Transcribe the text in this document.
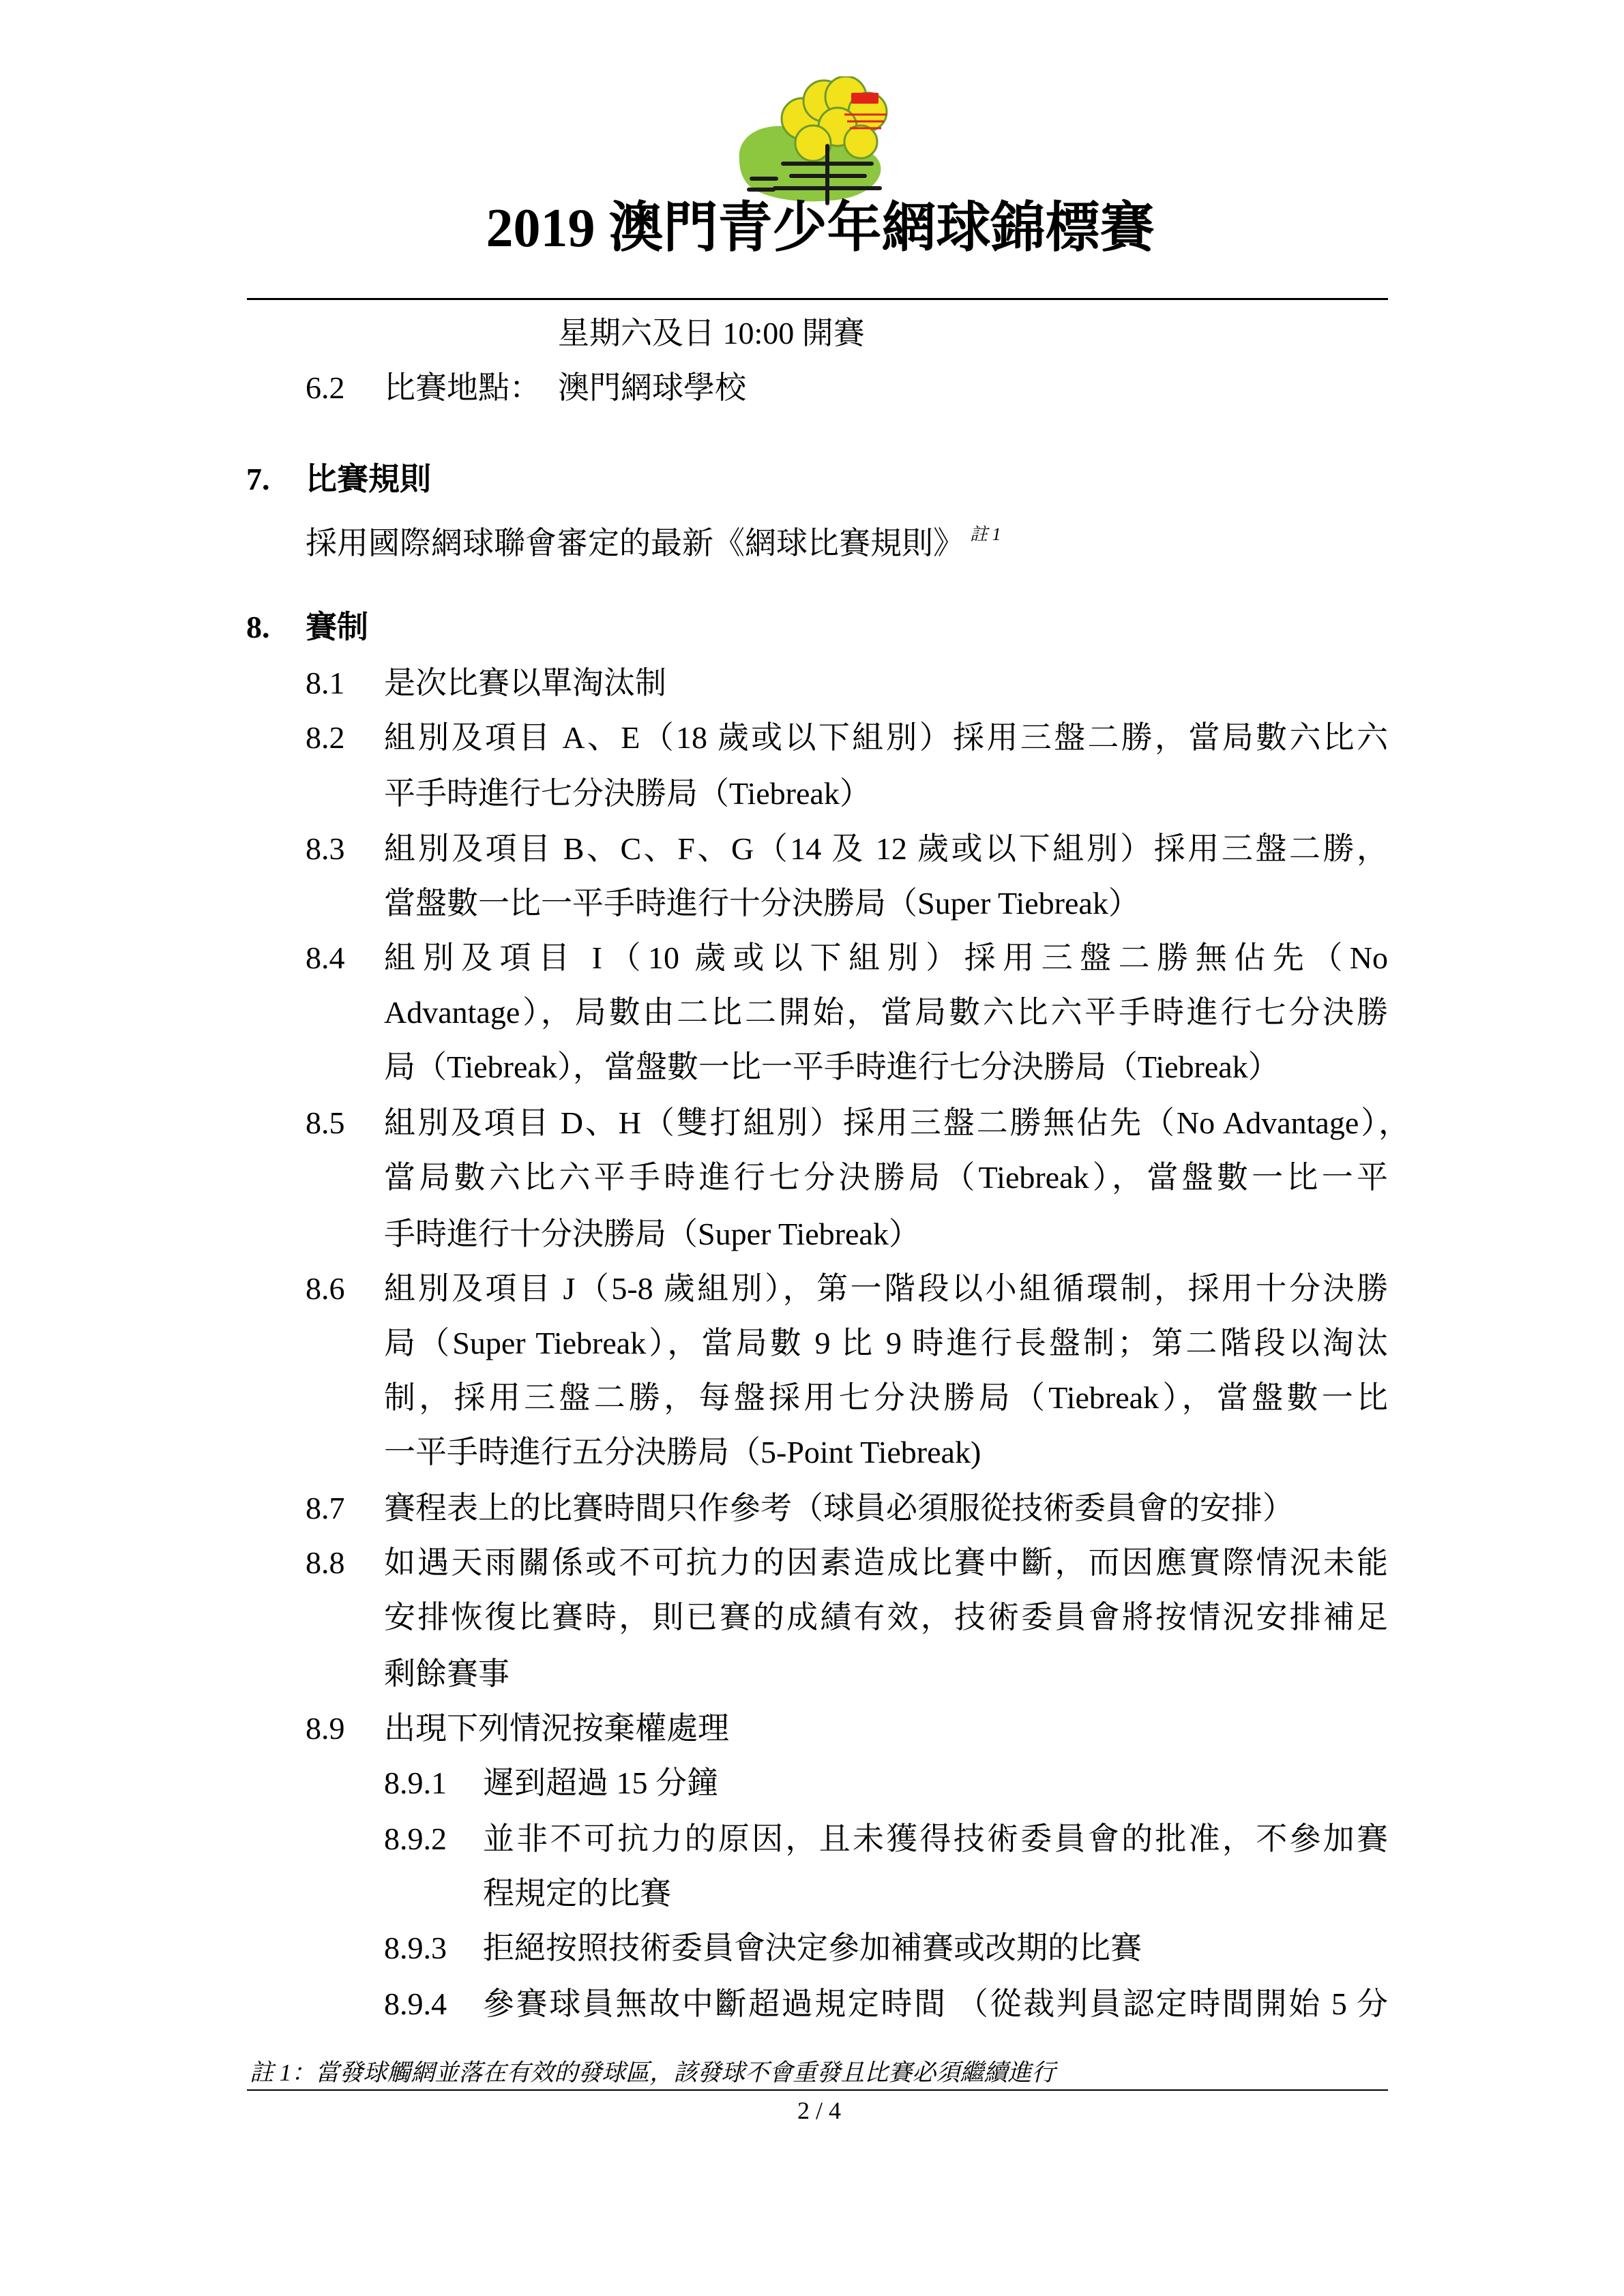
2019 澳門青少年網球錦標賽
星期六及日 10:00 開賽
6.2 比賽地點： 澳門網球學校
7. 比賽規則
採用國際網球聯會審定的最新《網球比賽規則》 $^{註 1}$
8. 賽制
8.1 是次比賽以單淘汰制
8.2 組別及項目 A、E（18 歲或以下組別）採用三盤二勝，當局數六比六
平手時進行七分決勝局（Tiebreak）
8.3 組別及項目 B、C、F、G（14 及 12 歲或以下組別）採用三盤二勝，
當盤數一比一平手時進行十分決勝局（Super Tiebreak）
8.4 組別及項目 I（10 歲或以下組別）採用三盤二勝無佔先（No
Advantage），局數由二比二開始，當局數六比六平手時進行七分決勝
局（Tiebreak），當盤數一比一平手時進行七分決勝局（Tiebreak）
8.5 組別及項目 D、H（雙打組別）採用三盤二勝無佔先（No Advantage），
當局數六比六平手時進行七分決勝局（Tiebreak），當盤數一比一平
手時進行十分決勝局（Super Tiebreak）
8.6 組別及項目 J（5-8 歲組別），第一階段以小組循環制，採用十分決勝
局（Super Tiebreak），當局數 9 比 9 時進行長盤制；第二階段以淘汰
制，採用三盤二勝，每盤採用七分決勝局（Tiebreak），當盤數一比
一平手時進行五分決勝局（5-Point Tiebreak)
8.7 賽程表上的比賽時間只作參考（球員必須服從技術委員會的安排）
8.8 如遇天雨關係或不可抗力的因素造成比賽中斷，而因應實際情況未能
安排恢復比賽時，則已賽的成績有效，技術委員會將按情況安排補足
剩餘賽事
8.9 出現下列情況按棄權處理
8.9.1 遲到超過 15 分鐘
8.9.2 並非不可抗力的原因，且未獲得技術委員會的批准，不參加賽
程規定的比賽
8.9.3 拒絕按照技術委員會決定參加補賽或改期的比賽
8.9.4 參賽球員無故中斷超過規定時間 （從裁判員認定時間開始 5 分
註 1：當發球觸網並落在有效的發球區，該發球不會重發且比賽必須繼續進行
2 / 4
